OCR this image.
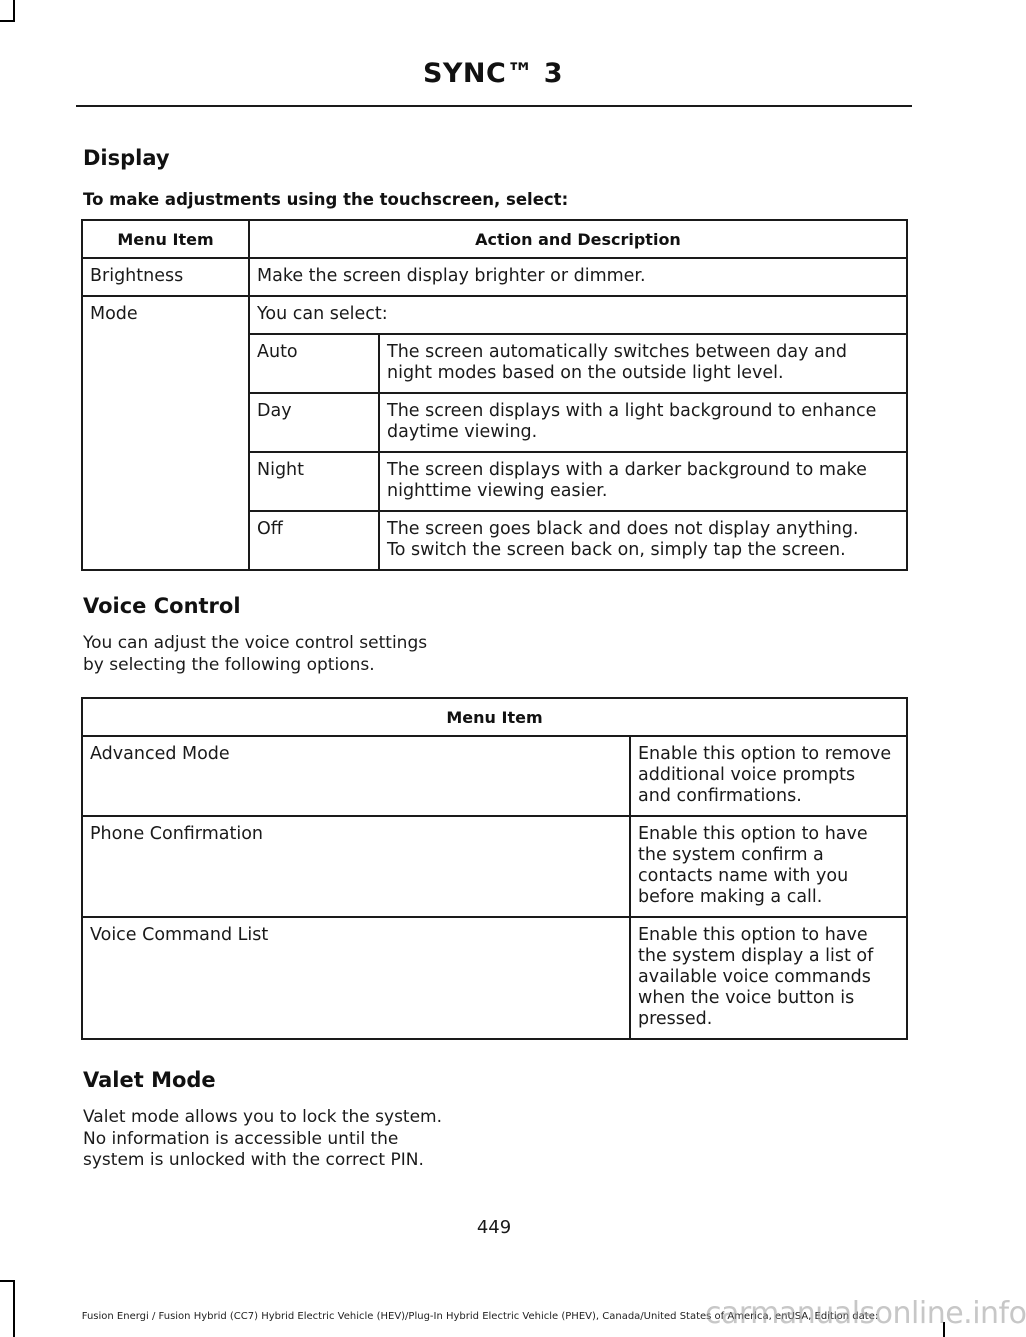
SYNC™ 3
Display
To make adjustments using the touchscreen, select:
Menu Item	Action and Description

Brightness	Make the screen display brighter or dimmer.

Mode	You can select:
Auto	The screen automatically switches between day and
night modes based on the outside light level.

Day	The screen displays with a light background to enhance
daytime viewing.

Night	The screen displays with a darker background to make
nighttime viewing easier.

Off	The screen goes black and does not display anything.
To switch the screen back on, simply tap the screen.
Voice Control
You can adjust the voice control settings
by selecting the following options.
Menu Item	

Advanced Mode	Enable this option to remove
additional voice prompts
and confirmations.

Phone Confirmation	Enable this option to have
the system confirm a
contacts name with you
before making a call.

Voice Command List	Enable this option to have
the system display a list of
available voice commands
when the voice button is
pressed.
Valet Mode
Valet mode allows you to lock the system.
No information is accessible until the
system is unlocked with the correct PIN.
449
Fusion Energi / Fusion Hybrid (CC7) Hybrid Electric Vehicle (HEV)/Plug-In Hybrid Electric Vehicle (PHEV), Canada/United States of America, enUSA, Edition date:
carmanualsonline.info
